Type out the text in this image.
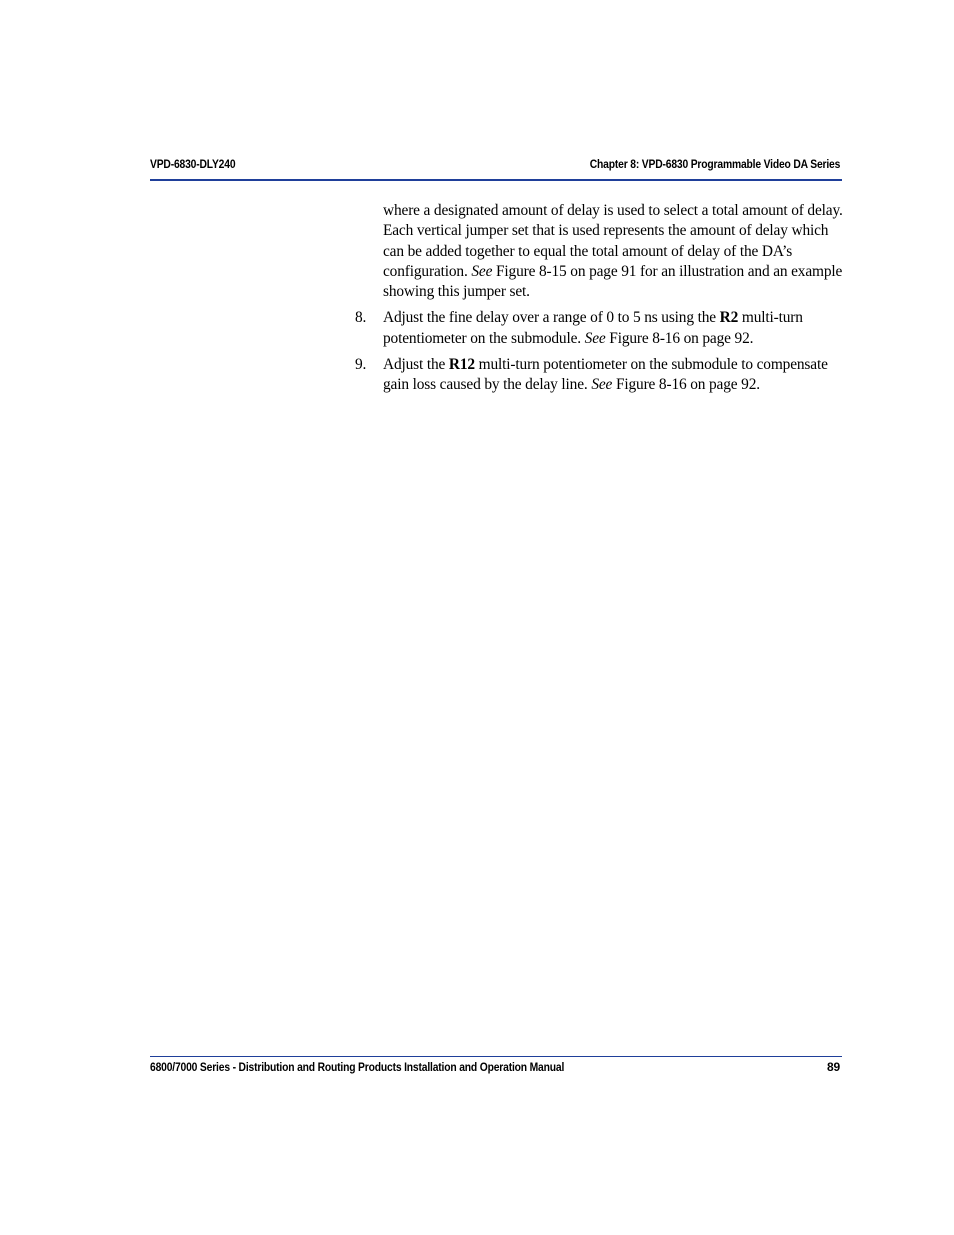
VPD-6830-DLY240	Chapter 8: VPD-6830 Programmable Video DA Series

where a designated amount of delay is used to select a total amount of delay. Each vertical jumper set that is used represents the amount of delay which can be added together to equal the total amount of delay of the DA’s configuration. See Figure 8-15 on page 91 for an illustration and an example showing this jumper set.

8. Adjust the fine delay over a range of 0 to 5 ns using the R2 multi-turn potentiometer on the submodule. See Figure 8-16 on page 92.

9. Adjust the R12 multi-turn potentiometer on the submodule to compensate gain loss caused by the delay line. See Figure 8-16 on page 92.

6800/7000 Series - Distribution and Routing Products Installation and Operation Manual	89
